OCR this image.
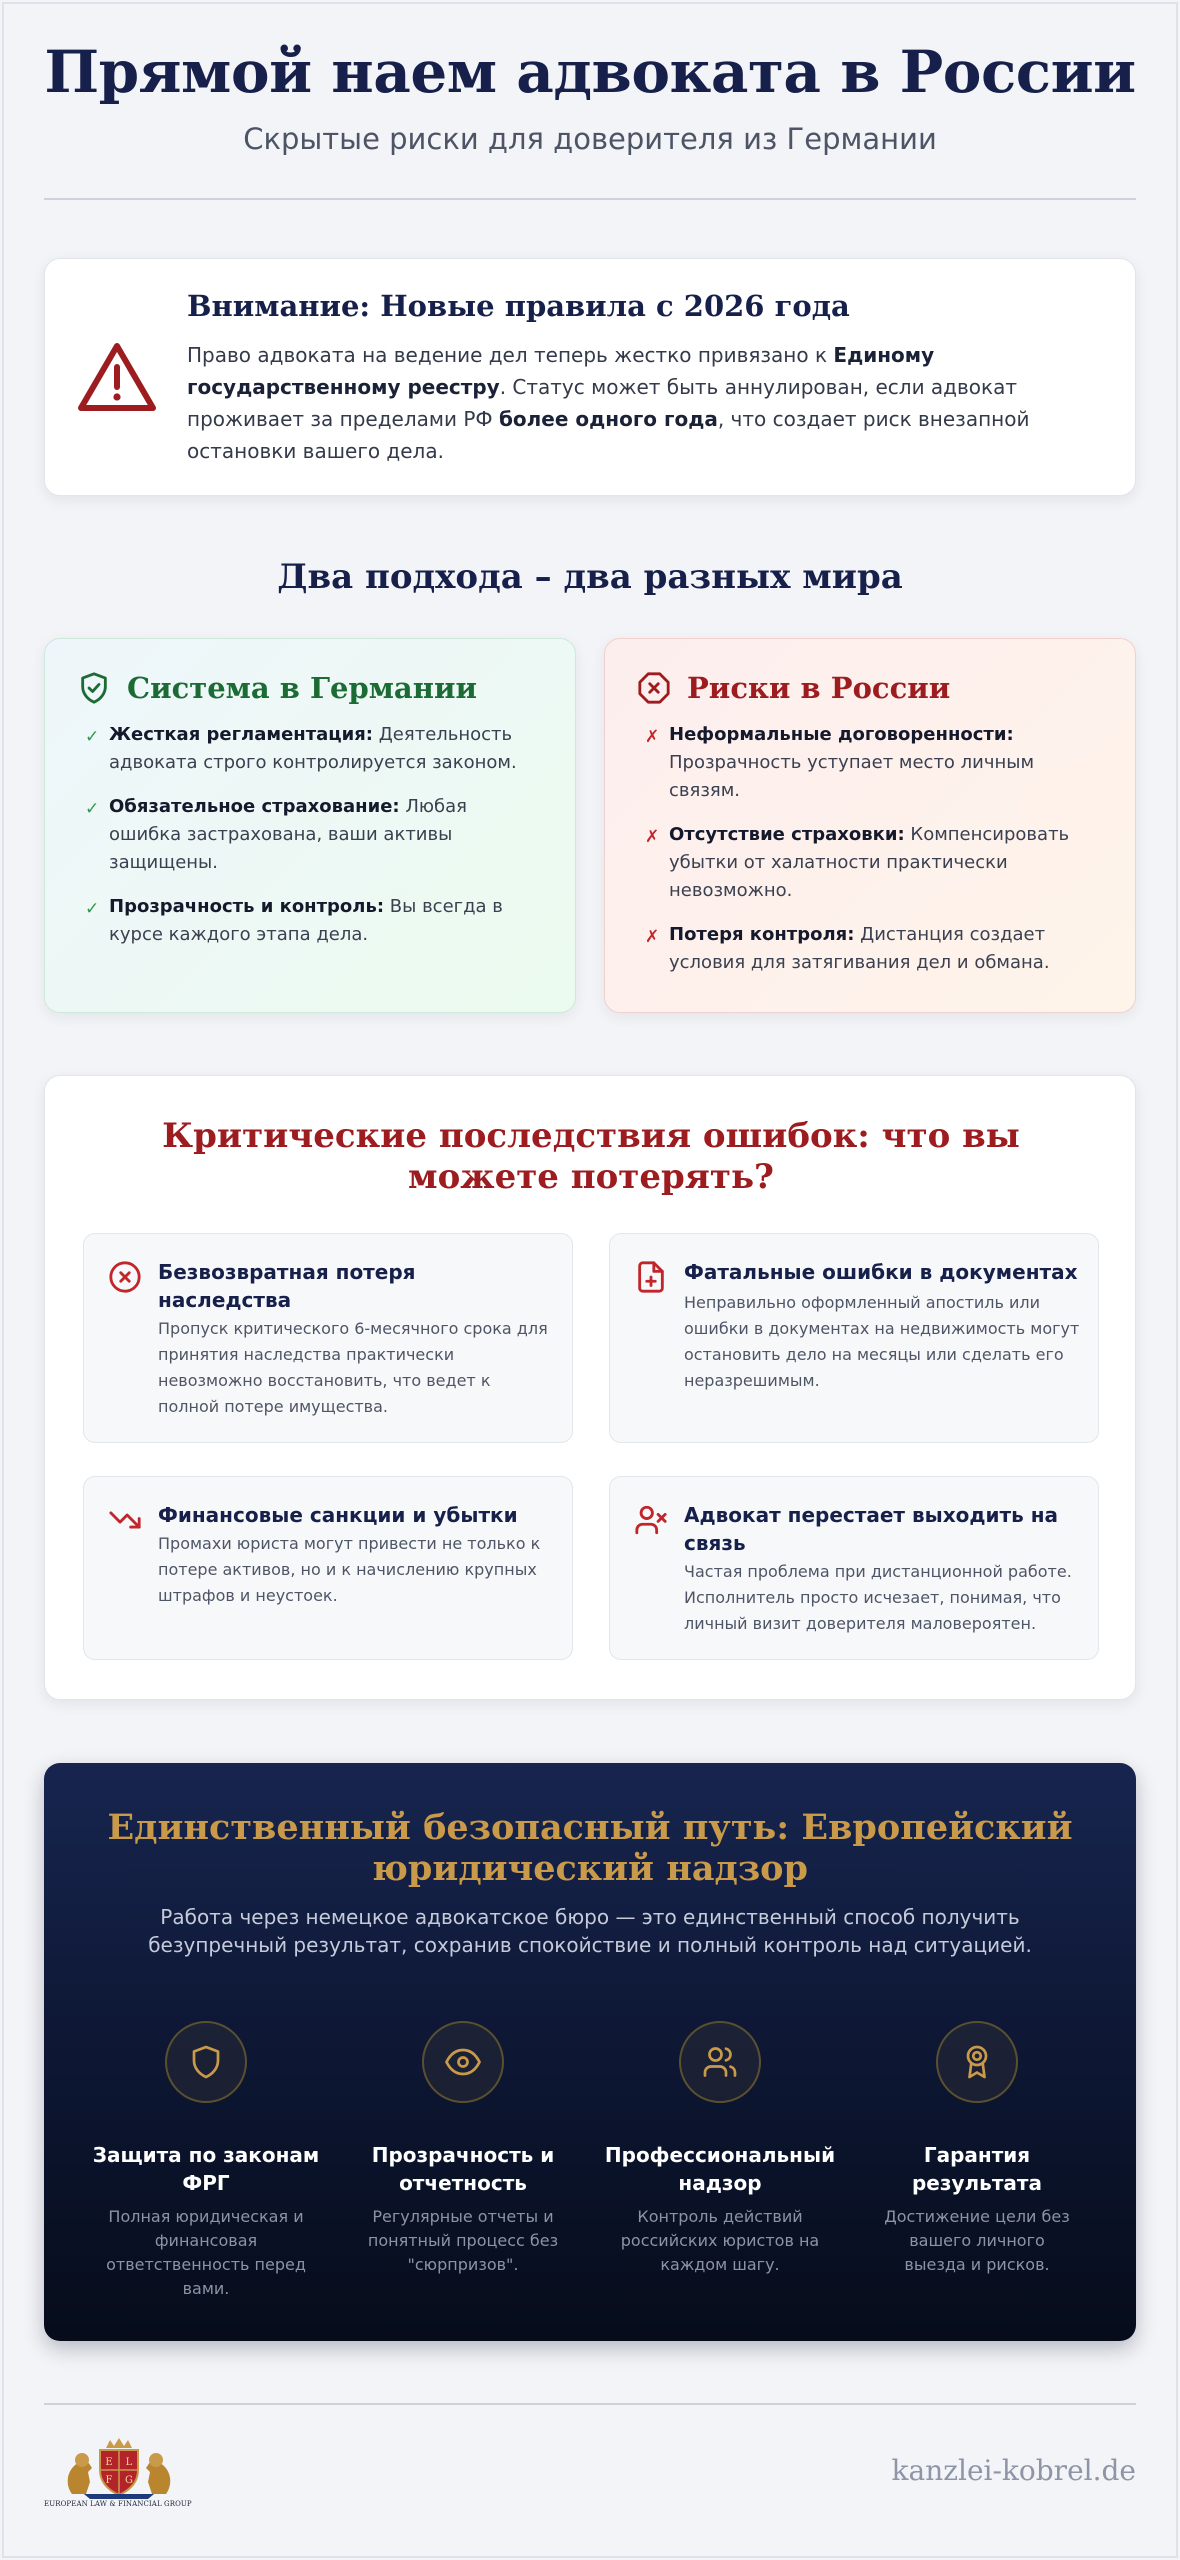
Прямой наем адвоката в России
Скрытые риски для доверителя из Германии
Внимание: Новые правила с 2026 года

Право адвоката на ведение дел теперь жестко привязано к Единому государственному реестру. Статус может быть аннулирован, если адвокат проживает за пределами РФ более одного года, что создает риск внезапной остановки вашего дела.

Два подхода – два разных мира
Система в Германии
✓ Жесткая регламентация: Деятельность адвоката строго контролируется законом.
✓ Обязательное страхование: Любая ошибка застрахована, ваши активы защищены.
✓ Прозрачность и контроль: Вы всегда в курсе каждого этапа дела.
Риски в России
✗ Неформальные договоренности: Прозрачность уступает место личным связям.
✗ Отсутствие страховки: Компенсировать убытки от халатности практически невозможно.
✗ Потеря контроля: Дистанция создает условия для затягивания дел и обмана.
Критические последствия ошибок: что вы можете потерять?
Безвозвратная потеря наследства
Пропуск критического 6-месячного срока для принятия наследства практически невозможно восстановить, что ведет к полной потере имущества.
Фатальные ошибки в документах
Неправильно оформленный апостиль или ошибки в документах на недвижимость могут остановить дело на месяцы или сделать его неразрешимым.
Финансовые санкции и убытки
Промахи юриста могут привести не только к потере активов, но и к начислению крупных штрафов и неустоек.
Адвокат перестает выходить на связь
Частая проблема при дистанционной работе. Исполнитель просто исчезает, понимая, что личный визит доверителя маловероятен.
Единственный безопасный путь: Европейский юридический надзор
Работа через немецкое адвокатское бюро — это единственный способ получить безупречный результат, сохранив спокойствие и полный контроль над ситуацией.
Защита по законам ФРГ
Полная юридическая и финансовая ответственность перед вами.
Прозрачность и отчетность
Регулярные отчеты и понятный процесс без "сюрпризов".
Профессиональный надзор
Контроль действий российских юристов на каждом шагу.
Гарантия результата
Достижение цели без вашего личного выезда и рисков.
E L
F G
EUROPEAN LAW & FINANCIAL GROUP
kanzlei-kobrel.de
